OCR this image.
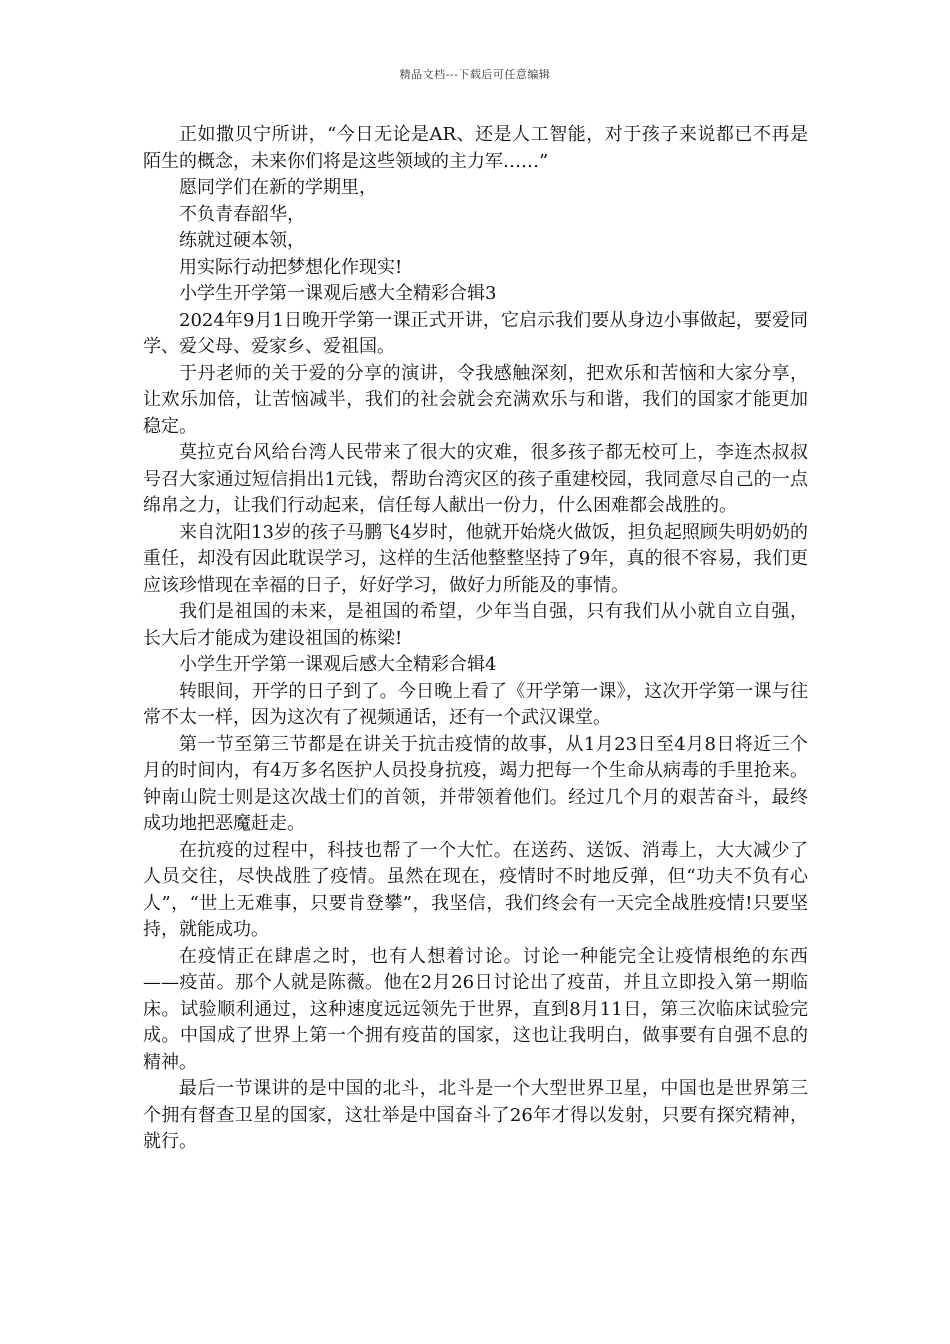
精品文档---下载后可任意编辑

正如撒贝宁所讲，“今日无论是AR、还是人工智能，对于孩子来说都已不再是陌生的概念，未来你们将是这些领域的主力军……”

愿同学们在新的学期里，

不负青春韶华，

练就过硬本领，

用实际行动把梦想化作现实!

小学生开学第一课观后感大全精彩合辑3

2024年9月1日晚开学第一课正式开讲，它启示我们要从身边小事做起，要爱同学、爱父母、爱家乡、爱祖国。

于丹老师的关于爱的分享的演讲，令我感触深刻，把欢乐和苦恼和大家分享，让欢乐加倍，让苦恼减半，我们的社会就会充满欢乐与和谐，我们的国家才能更加稳定。

莫拉克台风给台湾人民带来了很大的灾难，很多孩子都无校可上，李连杰叔叔号召大家通过短信捐出1元钱，帮助台湾灾区的孩子重建校园，我同意尽自己的一点绵帛之力，让我们行动起来，信任每人献出一份力，什么困难都会战胜的。

来自沈阳13岁的孩子马鹏飞4岁时，他就开始烧火做饭，担负起照顾失明奶奶的重任，却没有因此耽误学习，这样的生活他整整坚持了9年，真的很不容易，我们更应该珍惜现在幸福的日子，好好学习，做好力所能及的事情。

我们是祖国的未来，是祖国的希望，少年当自强，只有我们从小就自立自强，长大后才能成为建设祖国的栋梁!

小学生开学第一课观后感大全精彩合辑4

转眼间，开学的日子到了。今日晚上看了《开学第一课》，这次开学第一课与往常不太一样，因为这次有了视频通话，还有一个武汉课堂。

第一节至第三节都是在讲关于抗击疫情的故事，从1月23日至4月8日将近三个月的时间内，有4万多名医护人员投身抗疫，竭力把每一个生命从病毒的手里抢来。钟南山院士则是这次战士们的首领，并带领着他们。经过几个月的艰苦奋斗，最终成功地把恶魔赶走。

在抗疫的过程中，科技也帮了一个大忙。在送药、送饭、消毒上，大大减少了人员交往，尽快战胜了疫情。虽然在现在，疫情时不时地反弹，但“功夫不负有心人”，“世上无难事，只要肯登攀”，我坚信，我们终会有一天完全战胜疫情!只要坚持，就能成功。

在疫情正在肆虐之时，也有人想着讨论。讨论一种能完全让疫情根绝的东西——疫苗。那个人就是陈薇。他在2月26日讨论出了疫苗，并且立即投入第一期临床。试验顺利通过，这种速度远远领先于世界，直到8月11日，第三次临床试验完成。中国成了世界上第一个拥有疫苗的国家，这也让我明白，做事要有自强不息的精神。

最后一节课讲的是中国的北斗，北斗是一个大型世界卫星，中国也是世界第三个拥有督查卫星的国家，这壮举是中国奋斗了26年才得以发射，只要有探究精神，就行。
